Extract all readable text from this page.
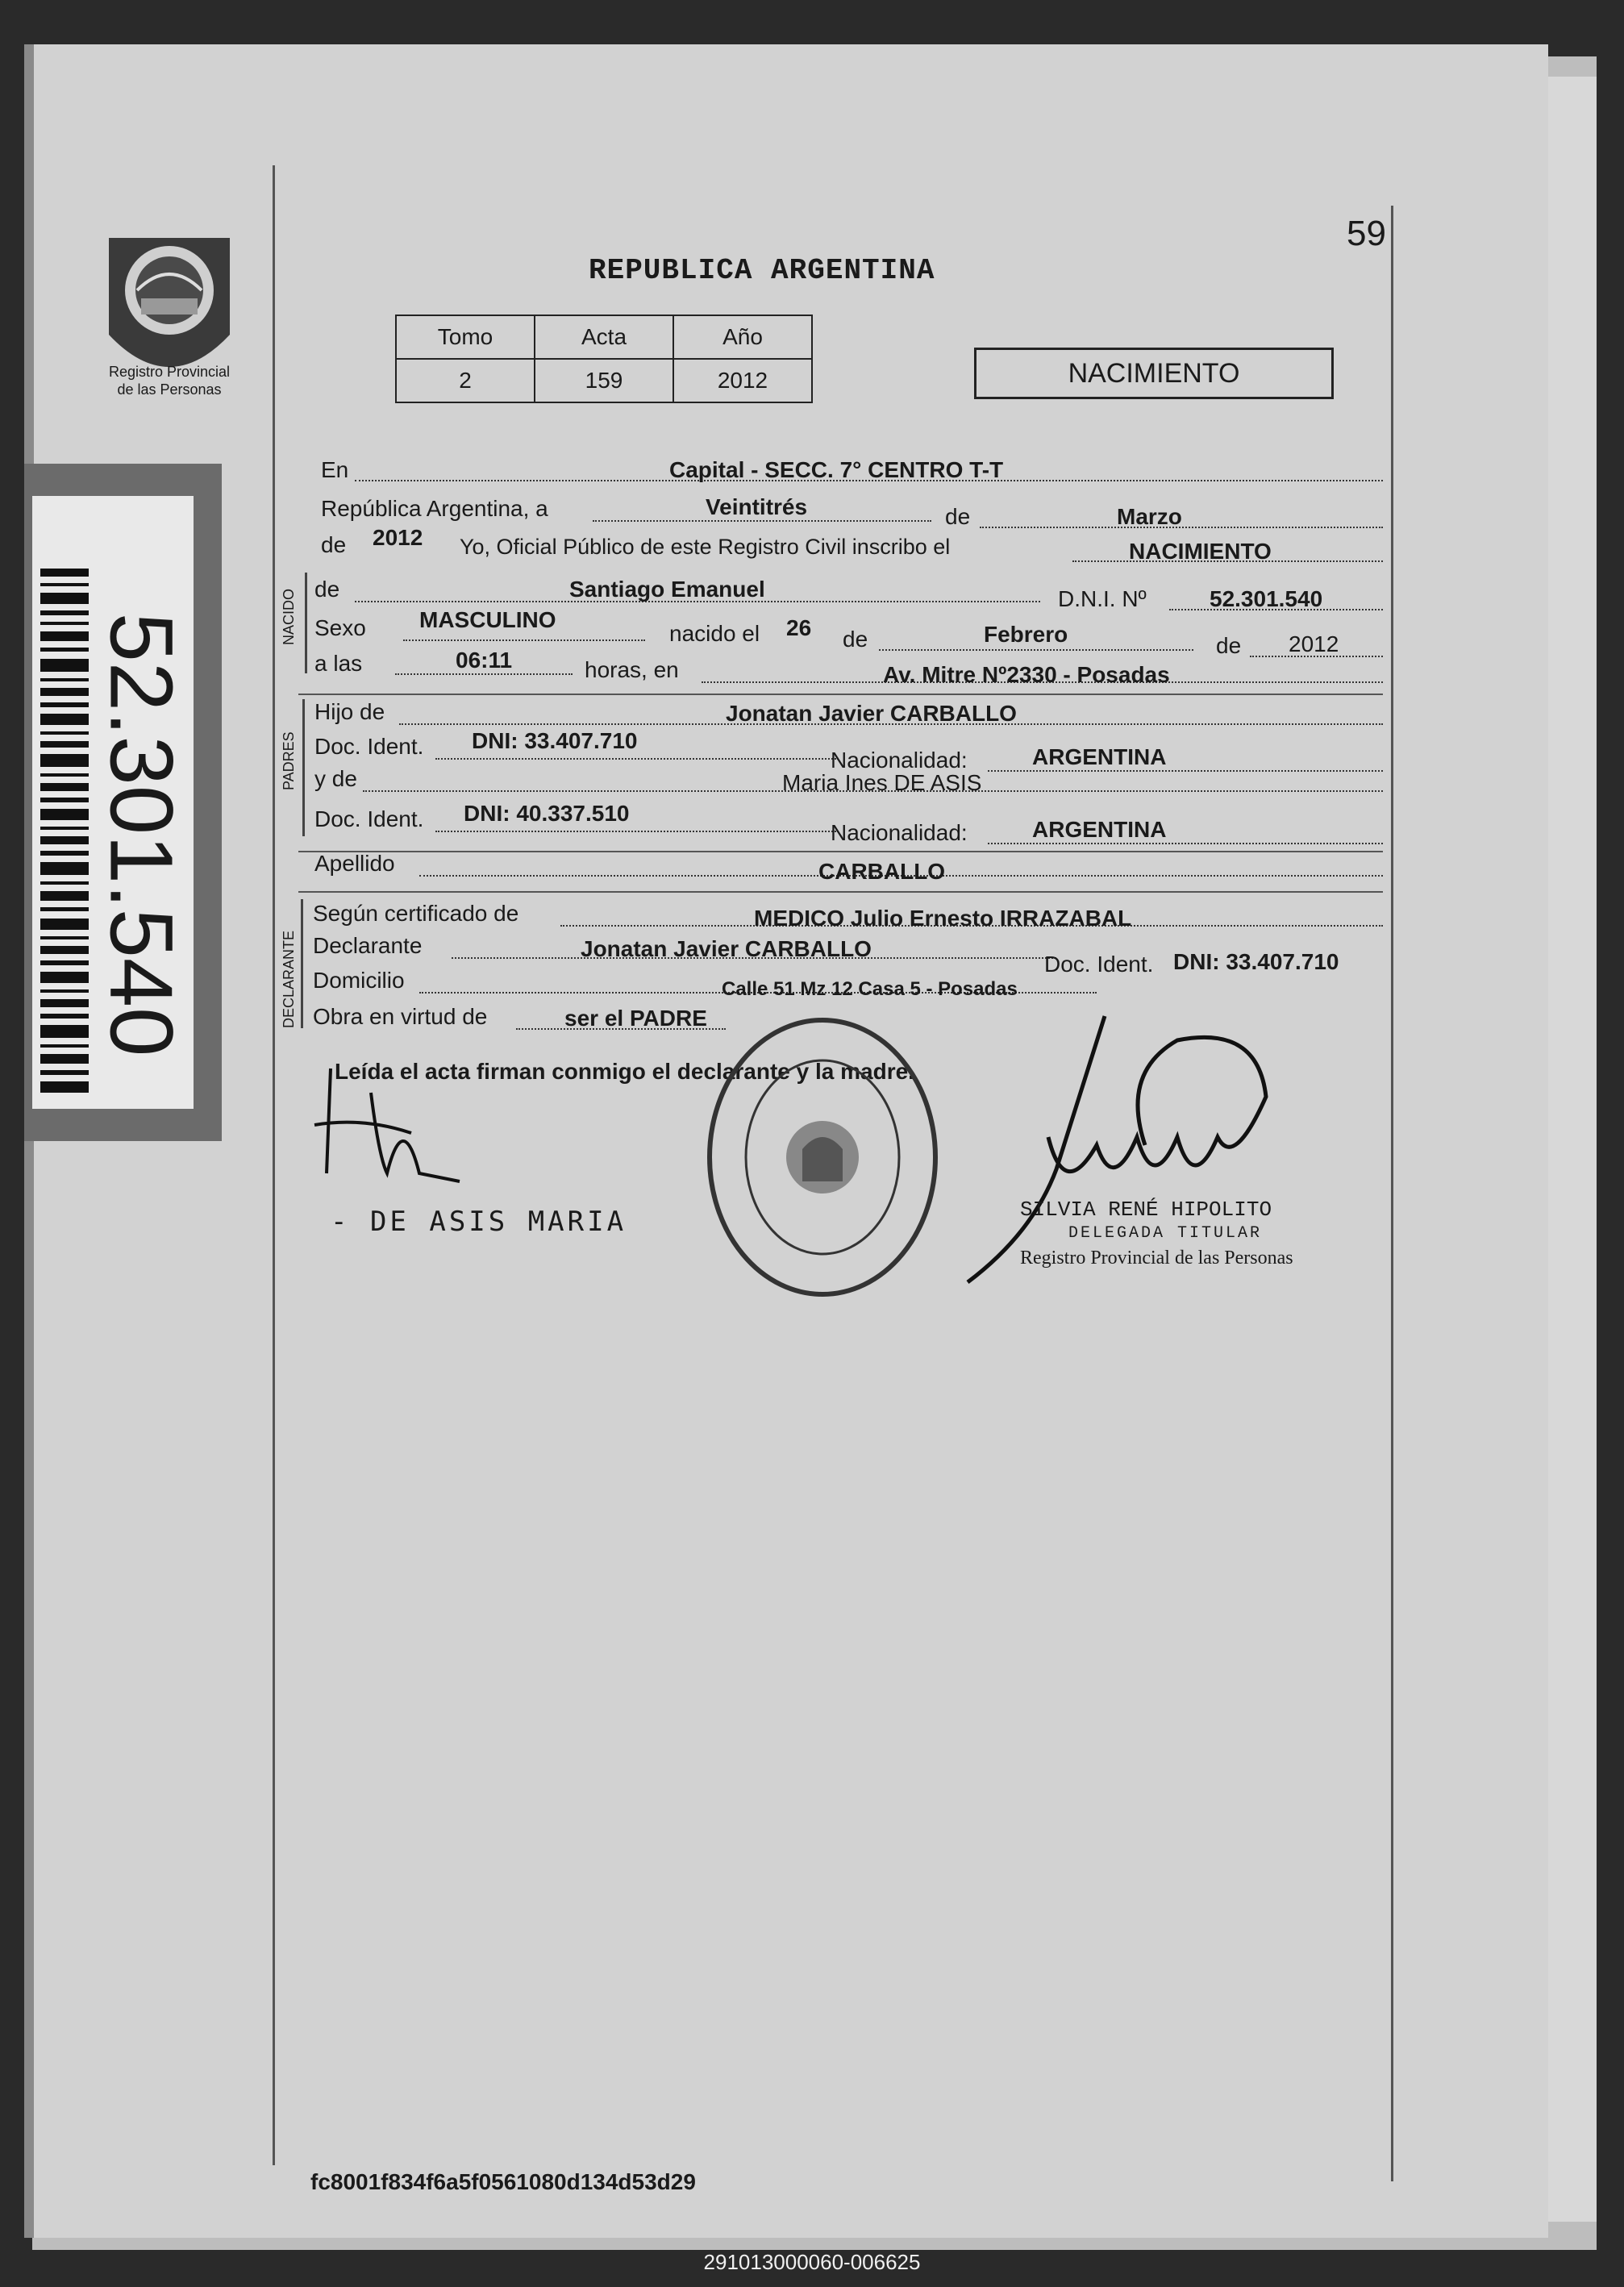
Registro Provincial
de las Personas
52.301.540
59
REPUBLICA ARGENTINA
Tomo	Acta	Año
2	159	2012	NACIMIENTO
En	Capital - SECC. 7° CENTRO T-T
República Argentina, a	Veintitrés	de	Marzo
de 2012 Yo, Oficial Público de este Registro Civil inscribo el	NACIMIENTO
NACIDO de	Santiago Emanuel	D.N.I. Nº	52.301.540
Sexo MASCULINO
nacido el 26 de	Febrero	de 2012
a las	06:11	horas, en	Av. Mitre Nº2330 - Posadas
PADRES
Hijo de	Jonatan Javier CARBALLO
Doc. Ident. DNI: 33.407.710
Nacionalidad:	ARGENTINA
y de	Maria Ines DE ASIS
Doc. Ident. DNI: 40.337.510
Nacionalidad:	ARGENTINA
Apellido	CARBALLO
DECLARANTE
Según certificado de	MEDICO Julio Ernesto IRRAZABAL
Declarante	Jonatan Javier CARBALLO
Doc. Ident. DNI: 33.407.710
Domicilio	Calle 51 Mz 12 Casa 5 - Posadas
Obra en virtud de	ser el PADRE
Leída el acta firman conmigo el declarante y la madre.
- DE ASIS MARIA	SILVIA RENÉ HIPOLITO
DELEGADA TITULAR
Registro Provincial de las Personas
fc8001f834f6a5f0561080d134d53d29
291013000060-006625
